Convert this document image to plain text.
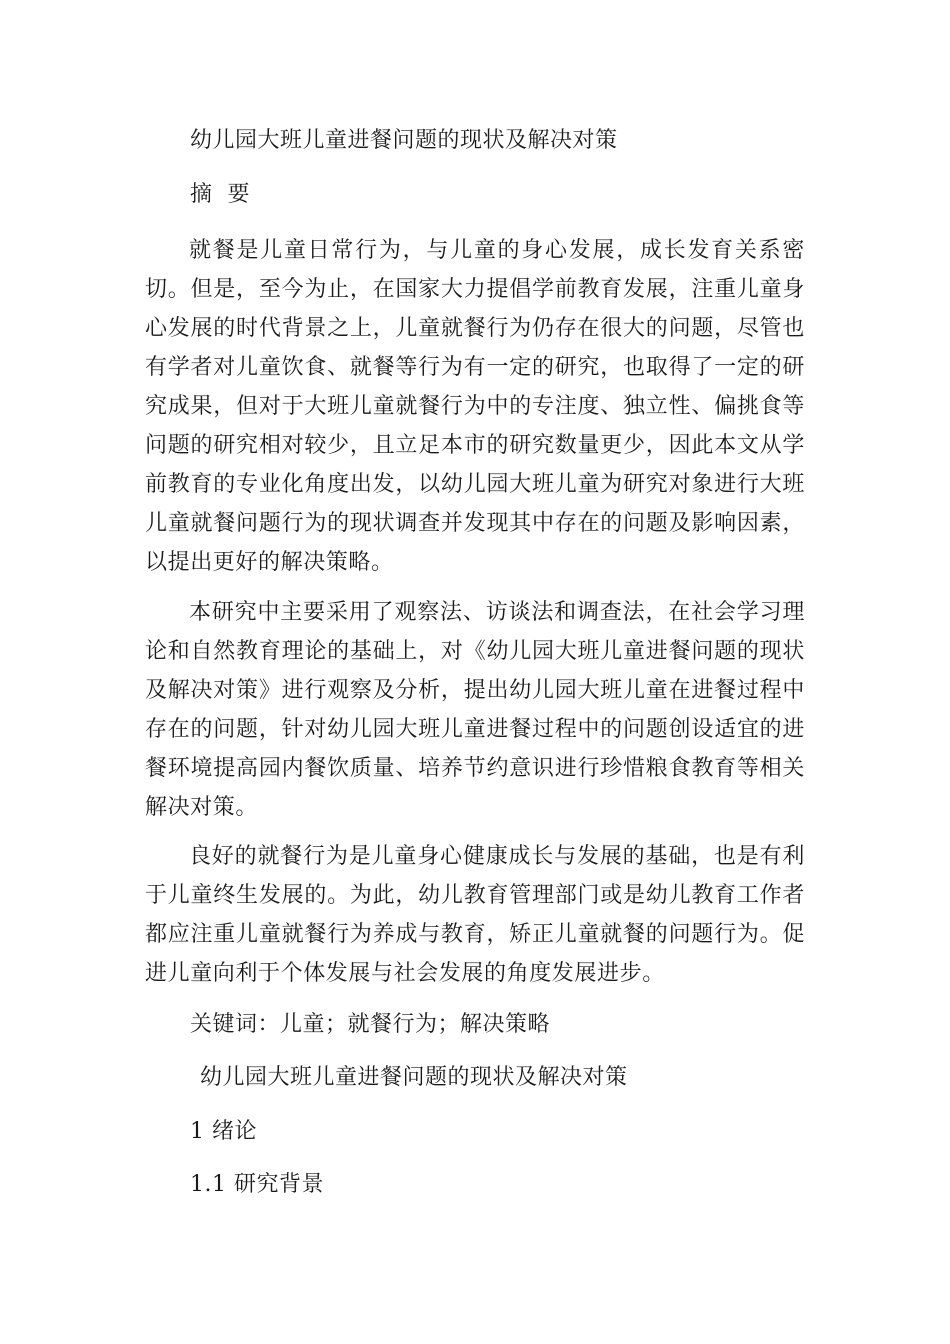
幼儿园大班儿童进餐问题的现状及解决对策
摘  要

就餐是儿童日常行为，与儿童的身心发展，成长发育关系密切。但是，至今为止，在国家大力提倡学前教育发展，注重儿童身心发展的时代背景之上，儿童就餐行为仍存在很大的问题，尽管也有学者对儿童饮食、就餐等行为有一定的研究，也取得了一定的研究成果，但对于大班儿童就餐行为中的专注度、独立性、偏挑食等问题的研究相对较少，且立足本市的研究数量更少，因此本文从学前教育的专业化角度出发，以幼儿园大班儿童为研究对象进行大班儿童就餐问题行为的现状调查并发现其中存在的问题及影响因素，以提出更好的解决策略。

本研究中主要采用了观察法、访谈法和调查法，在社会学习理论和自然教育理论的基础上，对《幼儿园大班儿童进餐问题的现状及解决对策》进行观察及分析，提出幼儿园大班儿童在进餐过程中存在的问题，针对幼儿园大班儿童进餐过程中的问题创设适宜的进餐环境提高园内餐饮质量、培养节约意识进行珍惜粮食教育等相关解决对策。

良好的就餐行为是儿童身心健康成长与发展的基础，也是有利于儿童终生发展的。为此，幼儿教育管理部门或是幼儿教育工作者都应注重儿童就餐行为养成与教育，矫正儿童就餐的问题行为。促进儿童向利于个体发展与社会发展的角度发展进步。

关键词：儿童；就餐行为；解决策略
幼儿园大班儿童进餐问题的现状及解决对策
1 绪论
1.1 研究背景
